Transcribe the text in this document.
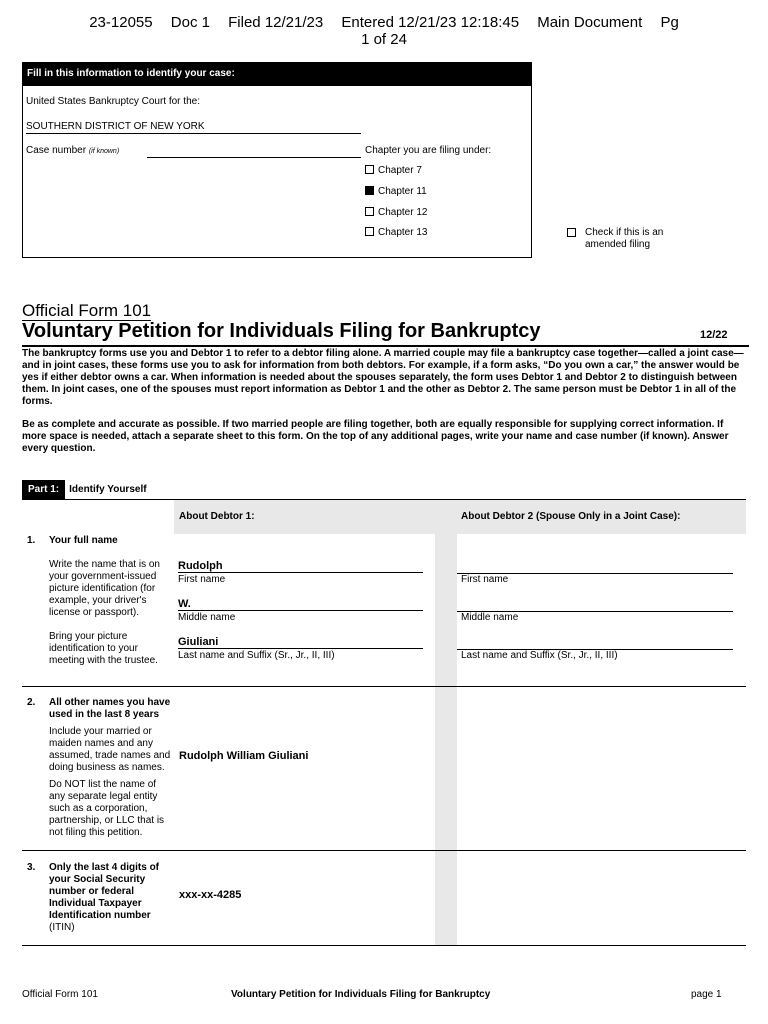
23-12055 Doc 1 Filed 12/21/23 Entered 12/21/23 12:18:45 Main Document Pg
1 of 24
Fill in this information to identify your case:
United States Bankruptcy Court for the:
SOUTHERN DISTRICT OF NEW YORK
Case number (if known)	Chapter you are filing under:
Chapter 7
Chapter 11
Chapter 12
Chapter 13	Check if this is an
amended filing
Official Form 101
Voluntary Petition for Individuals Filing for Bankruptcy	12/22
The bankruptcy forms use you and Debtor 1 to refer to a debtor filing alone. A married couple may file a bankruptcy case together—called a joint case—and in joint cases, these forms use you to ask for information from both debtors. For example, if a form asks, “Do you own a car,” the answer would be yes if either debtor owns a car. When information is needed about the spouses separately, the form uses Debtor 1 and Debtor 2 to distinguish between them. In joint cases, one of the spouses must report information as Debtor 1 and the other as Debtor 2. The same person must be Debtor 1 in all of the forms.
Be as complete and accurate as possible. If two married people are filing together, both are equally responsible for supplying correct information. If more space is needed, attach a separate sheet to this form. On the top of any additional pages, write your name and case number (if known). Answer every question.
Part 1: Identify Yourself
About Debtor 1:	About Debtor 2 (Spouse Only in a Joint Case):
1. Your full name
Write the name that is on your government-issued picture identification (for example, your driver's license or passport).
Bring your picture identification to your meeting with the trustee.
Rudolph
First name
W.
Middle name
Giuliani
Last name and Suffix (Sr., Jr., II, III)
First name
Middle name
Last name and Suffix (Sr., Jr., II, III)
2. All other names you have used in the last 8 years
Include your married or maiden names and any assumed, trade names and doing business as names.
Do NOT list the name of any separate legal entity such as a corporation, partnership, or LLC that is not filing this petition.
Rudolph William Giuliani
3. Only the last 4 digits of your Social Security number or federal Individual Taxpayer Identification number (ITIN)
xxx-xx-4285
Official Form 101	Voluntary Petition for Individuals Filing for Bankruptcy	page 1
